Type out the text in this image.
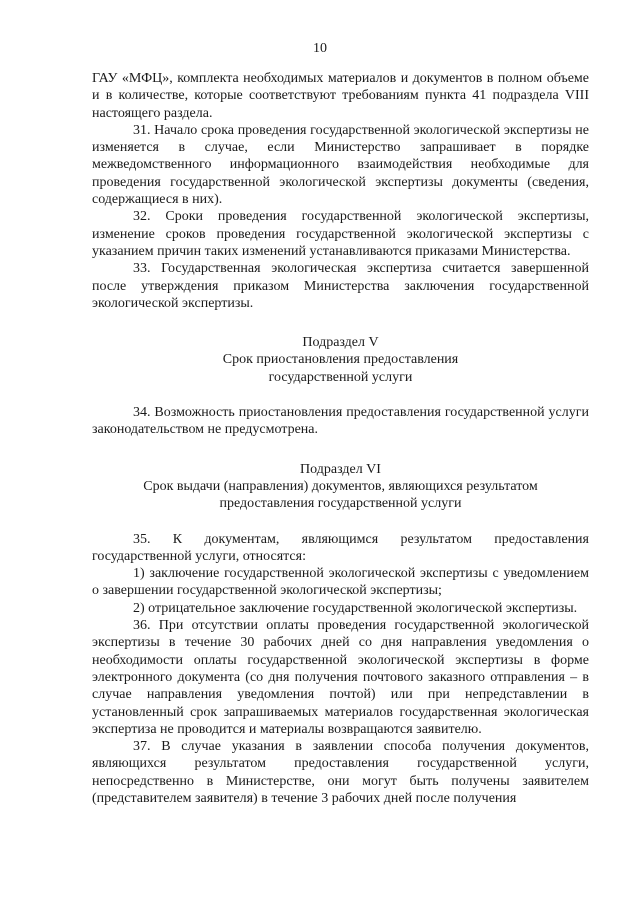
10

ГАУ «МФЦ», комплекта необходимых материалов и документов в полном объеме и в количестве, которые соответствуют требованиям пункта 41 подраздела VIII настоящего раздела.

31. Начало срока проведения государственной экологической экспертизы не изменяется в случае, если Министерство запрашивает в порядке межведомственного информационного взаимодействия необходимые для проведения государственной экологической экспертизы документы (сведения, содержащиеся в них).

32. Сроки проведения государственной экологической экспертизы, изменение сроков проведения государственной экологической экспертизы с указанием причин таких изменений устанавливаются приказами Министерства.

33. Государственная экологическая экспертиза считается завершенной после утверждения приказом Министерства заключения государственной экологической экспертизы.

Подраздел V

Срок приостановления предоставления

государственной услуги

34. Возможность приостановления предоставления государственной услуги законодательством не предусмотрена.

Подраздел VI

Срок выдачи (направления) документов, являющихся результатом

предоставления государственной услуги

35. К документам, являющимся результатом предоставления государственной услуги, относятся:

1) заключение государственной экологической экспертизы с уведомлением о завершении государственной экологической экспертизы;

2) отрицательное заключение государственной экологической экспертизы.

36. При отсутствии оплаты проведения государственной экологической экспертизы в течение 30 рабочих дней со дня направления уведомления о необходимости оплаты государственной экологической экспертизы в форме электронного документа (со дня получения почтового заказного отправления – в случае направления уведомления почтой) или при непредставлении в установленный срок запрашиваемых материалов государственная экологическая экспертиза не проводится и материалы возвращаются заявителю.

37. В случае указания в заявлении способа получения документов, являющихся результатом предоставления государственной услуги, непосредственно в Министерстве, они могут быть получены заявителем (представителем заявителя) в течение 3 рабочих дней после получения
